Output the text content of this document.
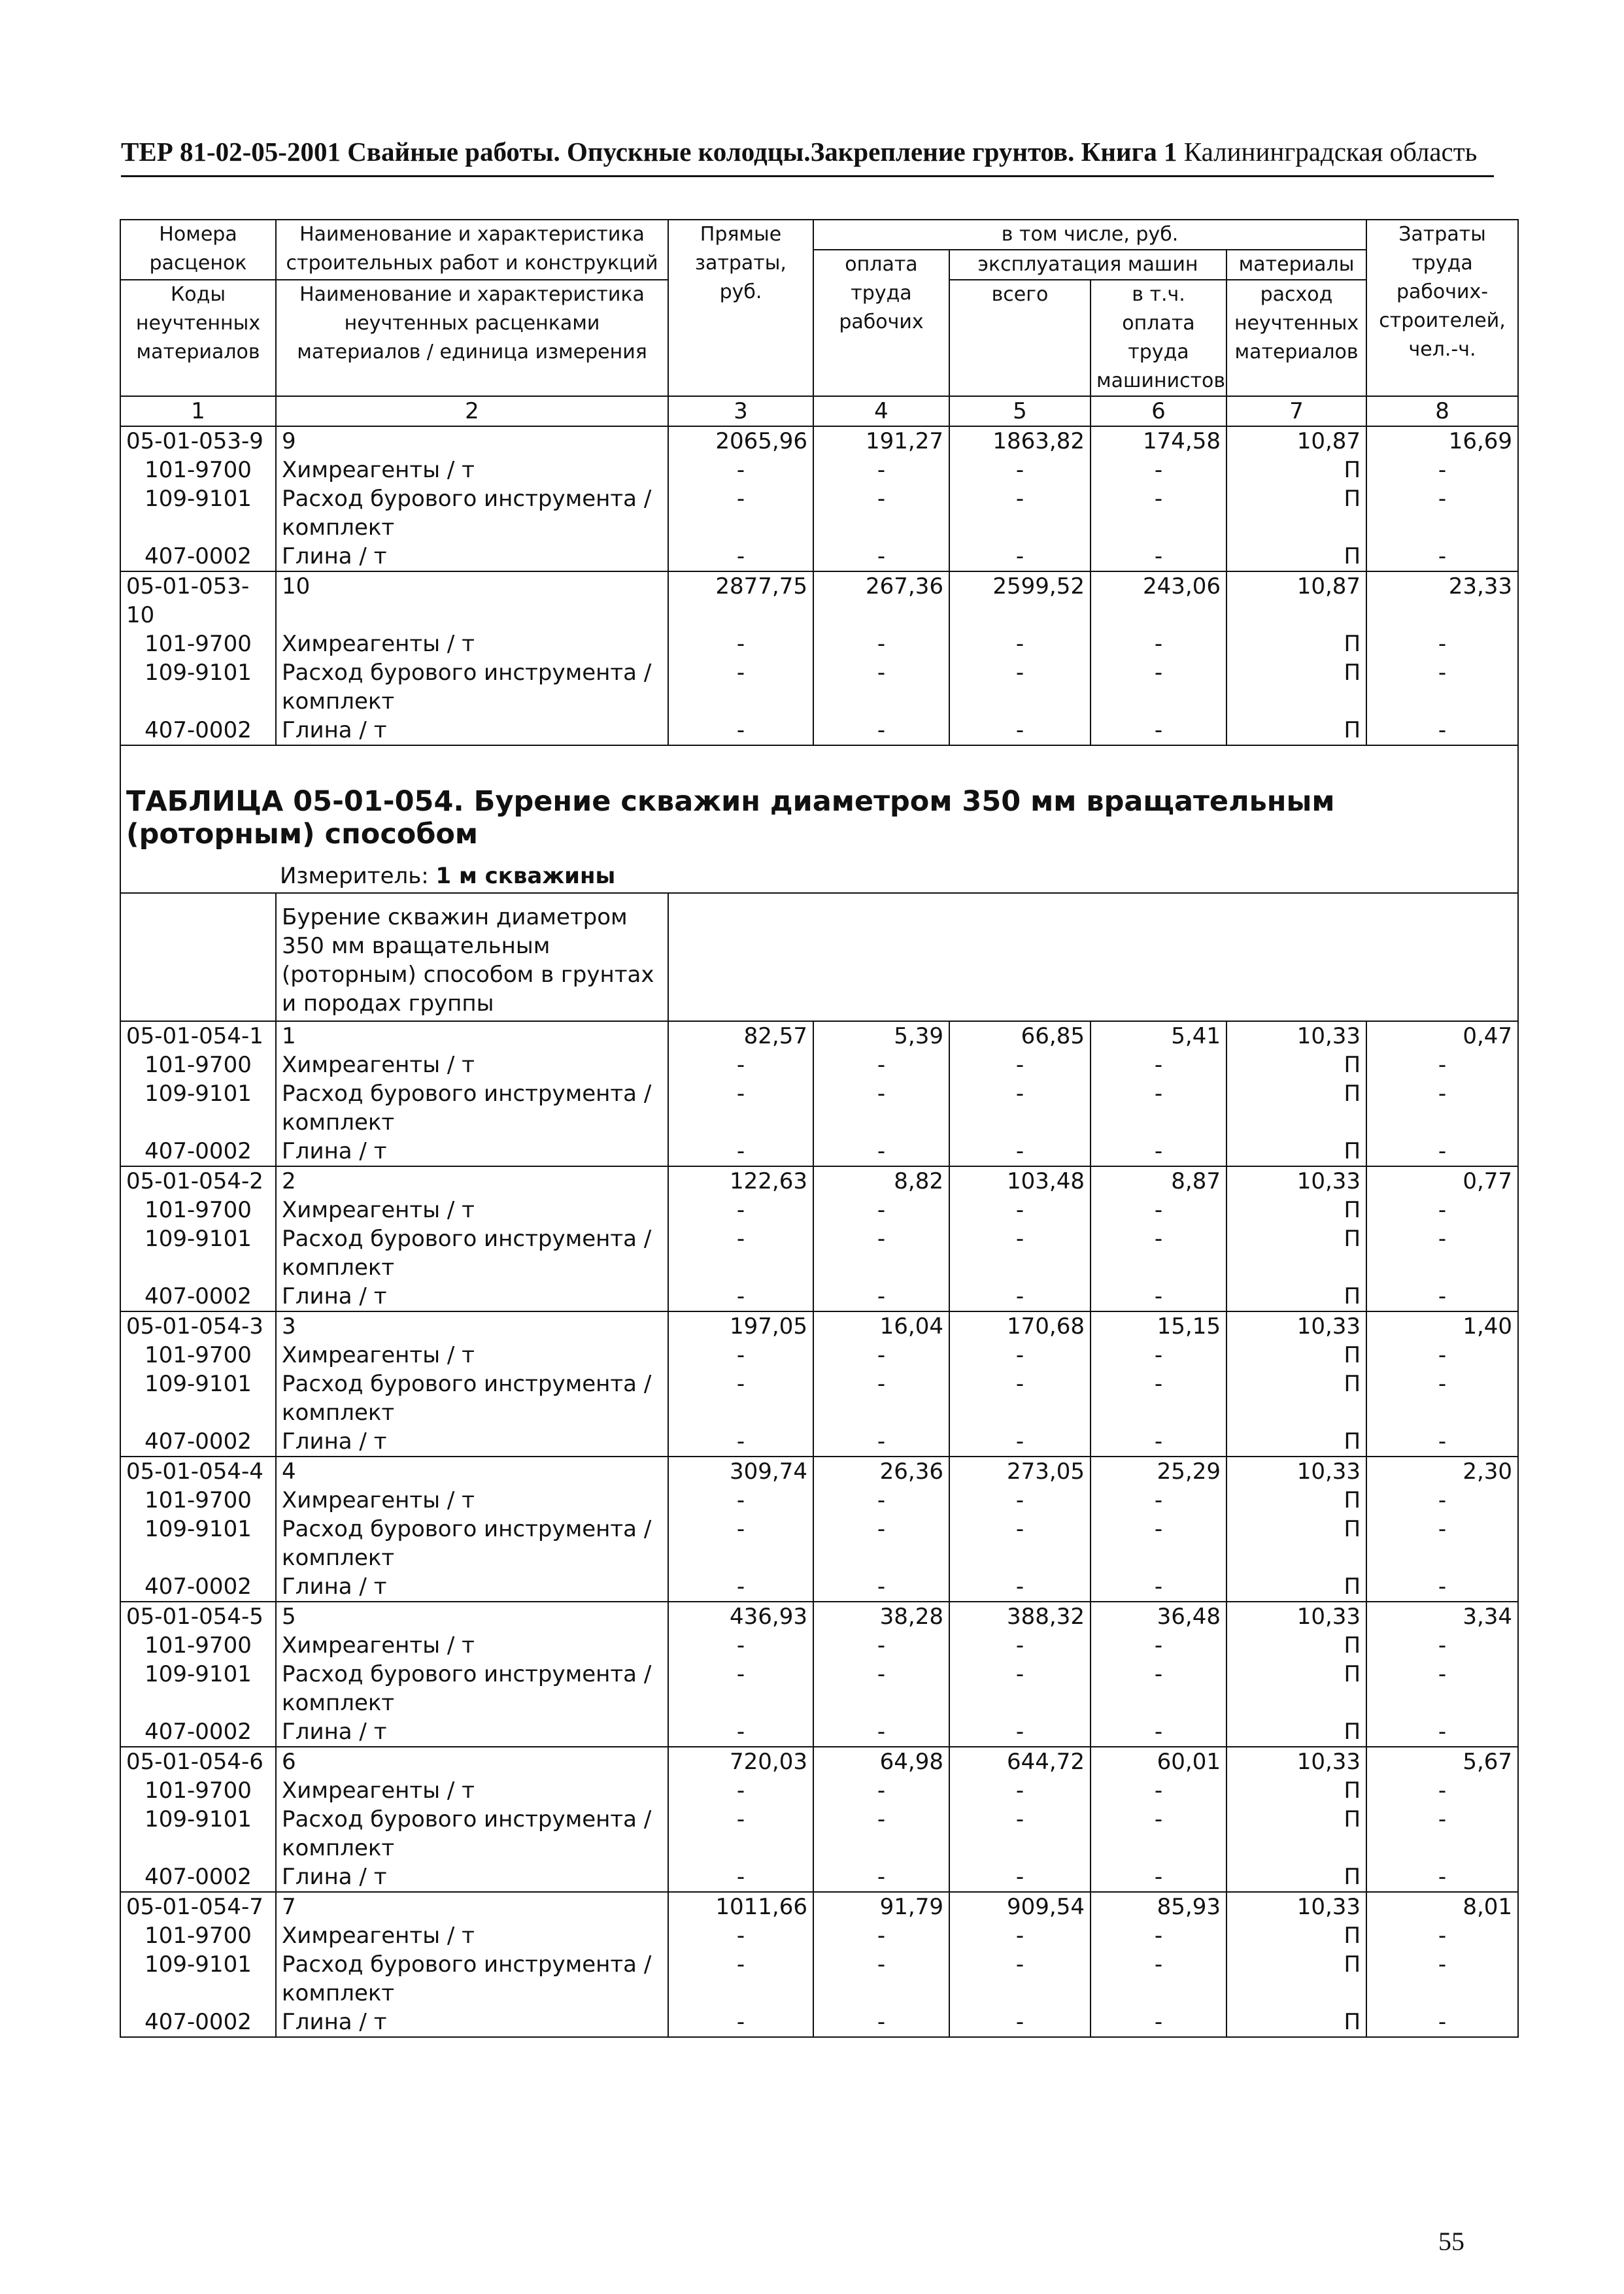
ТЕР 81-02-05-2001 Свайные работы. Опускные колодцы.Закрепление грунтов. Книга 1 Калининградская область
Номера расценок	Наименование и характеристика строительных работ и конструкций	Прямые затраты, руб.	в том числе, руб.				Затраты труда рабочих-строителей, чел.-ч.
			оплата труда рабочих	эксплуатация машин		материалы	
Коды неучтенных материалов	Наименование и характеристика неучтенных расценками материалов / единица измерения			всего	в т.ч. оплата труда машинистов	расход неучтенных материалов	

1	2	3	4	5	6	7	8
05-01-053-9	9	2065,96	191,27	1863,82	174,58	10,87	16,69
101-9700	Химреагенты / т	-	-	-	-	П	-
109-9101	Расход бурового инструмента / комплект	-	-	-	-	П	-
407-0002	Глина / т	-	-	-	-	П	-
05-01-053-10	10	2877,75	267,36	2599,52	243,06	10,87	23,33
101-9700	Химреагенты / т	-	-	-	-	П	-
109-9101	Расход бурового инструмента / комплект	-	-	-	-	П	-
407-0002	Глина / т	-	-	-	-	П	-

ТАБЛИЦА 05-01-054. Бурение скважин диаметром 350 мм вращательным (роторным) способом
Измеритель: 1 м скважины							

	Бурение скважин диаметром 350 мм вращательным (роторным) способом в грунтах и породах группы						
05-01-054-1	1	82,57	5,39	66,85	5,41	10,33	0,47
101-9700	Химреагенты / т	-	-	-	-	П	-
109-9101	Расход бурового инструмента / комплект	-	-	-	-	П	-
407-0002	Глина / т	-	-	-	-	П	-
05-01-054-2	2	122,63	8,82	103,48	8,87	10,33	0,77
101-9700	Химреагенты / т	-	-	-	-	П	-
109-9101	Расход бурового инструмента / комплект	-	-	-	-	П	-
407-0002	Глина / т	-	-	-	-	П	-
05-01-054-3	3	197,05	16,04	170,68	15,15	10,33	1,40
101-9700	Химреагенты / т	-	-	-	-	П	-
109-9101	Расход бурового инструмента / комплект	-	-	-	-	П	-
407-0002	Глина / т	-	-	-	-	П	-
05-01-054-4	4	309,74	26,36	273,05	25,29	10,33	2,30
101-9700	Химреагенты / т	-	-	-	-	П	-
109-9101	Расход бурового инструмента / комплект	-	-	-	-	П	-
407-0002	Глина / т	-	-	-	-	П	-
05-01-054-5	5	436,93	38,28	388,32	36,48	10,33	3,34
101-9700	Химреагенты / т	-	-	-	-	П	-
109-9101	Расход бурового инструмента / комплект	-	-	-	-	П	-
407-0002	Глина / т	-	-	-	-	П	-
05-01-054-6	6	720,03	64,98	644,72	60,01	10,33	5,67
101-9700	Химреагенты / т	-	-	-	-	П	-
109-9101	Расход бурового инструмента / комплект	-	-	-	-	П	-
407-0002	Глина / т	-	-	-	-	П	-
05-01-054-7	7	1011,66	91,79	909,54	85,93	10,33	8,01
101-9700	Химреагенты / т	-	-	-	-	П	-
109-9101	Расход бурового инструмента / комплект	-	-	-	-	П	-
407-0002	Глина / т	-	-	-	-	П	-
55
